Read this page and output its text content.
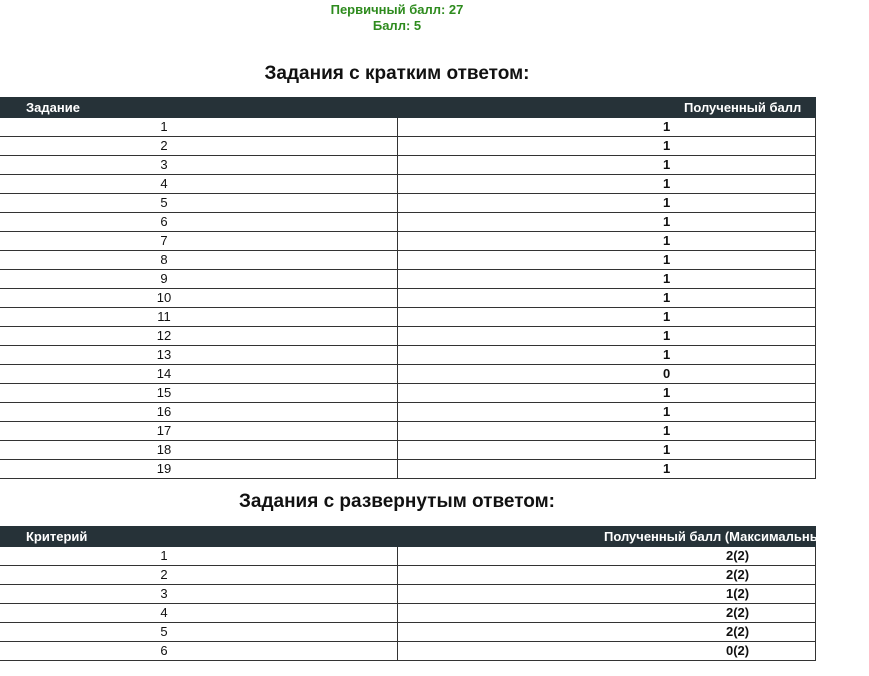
Первичный балл: 27
Балл: 5
Задания с кратким ответом:
Задание	Полученный балл
1	1
2	1
3	1
4	1
5	1
6	1
7	1
8	1
9	1
10	1
11	1
12	1
13	1
14	0
15	1
16	1
17	1
18	1
19	1
Задания с развернутым ответом:
Критерий	Полученный балл (Максимальный балл)
1	2(2)
2	2(2)
3	1(2)
4	2(2)
5	2(2)
6	0(2)
